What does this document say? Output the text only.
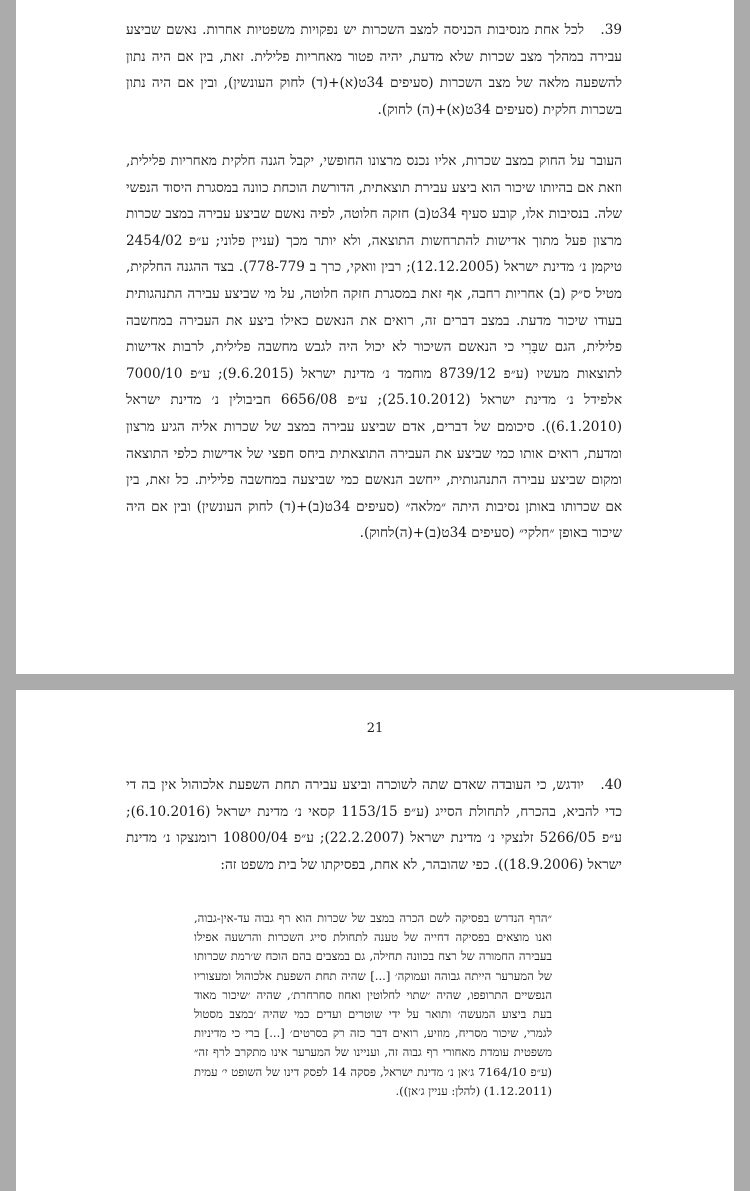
39.לכל אחת מנסיבות הכניסה למצב השכרות יש נפקויות משפטיות אחרות. נאשם שביצע עבירה במהלך מצב שכרות שלא מדעת, יהיה פטור מאחריות פלילית. זאת, בין אם היה נתון להשפעה מלאה של מצב השכרות (סעיפים 34ט(א)+(ד) לחוק העונשין), ובין אם היה נתון בשכרות חלקית (סעיפים 34ט(א)+(ה) לחוק).

העובר על החוק במצב שכרות, אליו נכנס מרצונו החופשי, יקבל הגנה חלקית מאחריות פלילית, וזאת אם בהיותו שיכור הוא ביצע עבירת תוצאתית, הדורשת הוכחת כוונה במסגרת היסוד הנפשי שלה. בנסיבות אלו, קובע סעיף 34ט(ב) חזקה חלוטה, לפיה נאשם שביצע עבירה במצב שכרות מרצון פעל מתוך אדישות להתרחשות התוצאה, ולא יותר מכך (עניין פלוני; ע״פ 2454/02 טיקמן נ׳ מדינת ישראל (12.12.2005); רבין וואקי, כרך ב 778-779). בצד ההגנה החלקית, מטיל ס״ק (ב) אחריות רחבה, אף זאת במסגרת חזקה חלוטה, על מי שביצע עבירה התנהגותית בעודו שיכור מדעת. במצב דברים זה, רואים את הנאשם כאילו ביצע את העבירה במחשבה פלילית, הגם שבָּרִי כי הנאשם השיכור לא יכול היה לגבש מחשבה פלילית, לרבות אדישות לתוצאות מעשיו (ע״פ 8739/12 מוחמד נ׳ מדינת ישראל (9.6.2015); ע״פ 7000/10 אלפידל נ׳ מדינת ישראל (25.10.2012); ע״פ 6656/08 חביבולין נ׳ מדינת ישראל (6.1.2010)). סיכומם של דברים, אדם שביצע עבירה במצב של שכרות אליה הגיע מרצון ומדעת, רואים אותו כמי שביצע את העבירה התוצאתית ביחס חפצי של אדישות כלפי התוצאה ומקום שביצע עבירה התנהגותית, ייחשב הנאשם כמי שביצעה במחשבה פלילית. כל זאת, בין אם שכרותו באותן נסיבות היתה ״מלאה״ (סעיפים 34ט(ב)+(ד) לחוק העונשין) ובין אם היה שיכור באופן ״חלקי״ (סעיפים 34ט(ב)+(ה)לחוק).

21

40.יודגש, כי העובדה שאדם שתה לשוכרה וביצע עבירה תחת השפעת אלכוהול אין בה די כדי להביא, בהכרח, לתחולת הסייג (ע״פ 1153/15 קסאי נ׳ מדינת ישראל (6.10.2016); ע״פ 5266/05 זלנצקי נ׳ מדינת ישראל (22.2.2007); ע״פ 10800/04 רומנצקו נ׳ מדינת ישראל (18.9.2006)). כפי שהובהר, לא אחת, בפסיקתו של בית משפט זה:

״הרף הנדרש בפסיקה לשם הכרה במצב של שכרות הוא רף גבוה עד-אין-גבוה, ואנו מוצאים בפסיקה דחייה של טענה לתחולת סייג השכרות והרשעה אפילו בעבירה החמורה של רצח בכוונה תחילה, גם במצבים בהם הוכח ש׳רמת שכרותו של המערער הייתה גבוהה ועמוקה׳ [...] שהיה תחת השפעת אלכוהול ומעצוריו הנפשיים התרופפו, שהיה ׳שתוי לחלוטין ואחוז סחרחרת׳, שהיה ׳שיכור מאוד בעת ביצוע המעשה׳ ותואר על ידי שוטרים ועדים כמי שהיה ׳במצב מסטול לגמרי, שיכור מסריח, מוזיע, רואים דבר כזה רק בסרטים׳ [...] ברי כי מדיניות משפטית עומדת מאחורי רף גבוה זה, ועניינו של המערער אינו מתקרב לרף זה״ (ע״פ 7164/10 ג׳אן נ׳ מדינת ישראל, פסקה 14 לפסק דינו של השופט י׳ עמית (1.12.2011) (להלן: עניין ג׳אן)).
